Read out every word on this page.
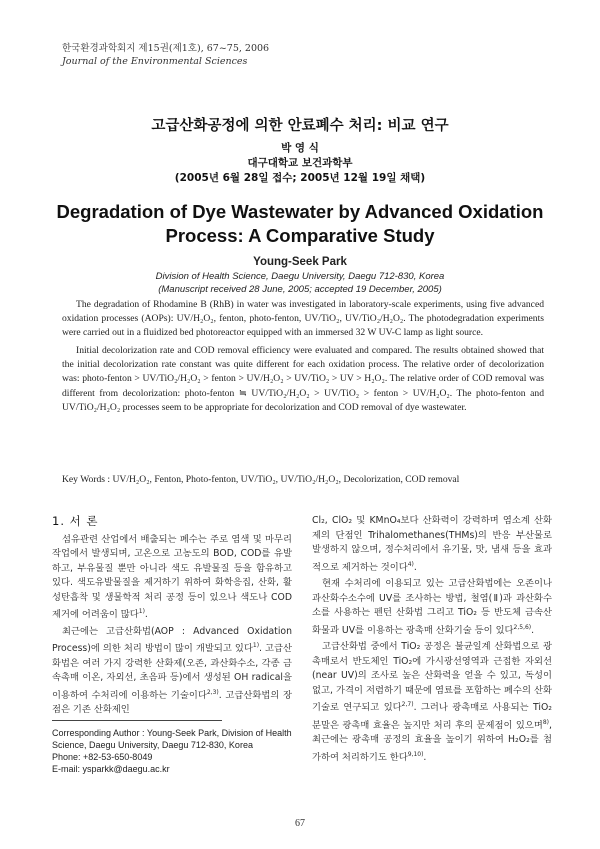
한국환경과학회지 제15권(제1호), 67~75, 2006
Journal of the Environmental Sciences
고급산화공정에 의한 안료폐수 처리: 비교 연구
박 영 식
대구대학교 보건과학부
(2005년 6월 28일 접수; 2005년 12월 19일 채택)
Degradation of Dye Wastewater by Advanced Oxidation
Process: A Comparative Study
Young-Seek Park
Division of Health Science, Daegu University, Daegu 712-830, Korea
(Manuscript received 28 June, 2005; accepted 19 December, 2005)

The degradation of Rhodamine B (RhB) in water was investigated in laboratory-scale experiments, using five advanced oxidation processes (AOPs): UV/H₂O₂, fenton, photo-fenton, UV/TiO₂, UV/TiO₂/H₂O₂. The photodegradation experiments were carried out in a fluidized bed photoreactor equipped with an immersed 32 W UV-C lamp as light source.

Initial decolorization rate and COD removal efficiency were evaluated and compared. The results obtained showed that the initial decolorization rate constant was quite different for each oxidation process. The relative order of decolorization was: photo-fenton > UV/TiO₂/H₂O₂ > fenton > UV/H₂O₂ > UV/TiO₂ > UV > H₂O₂. The relative order of COD removal was different from decolorization: photo-fenton ≒ UV/TiO₂/H₂O₂ > UV/TiO₂ > fenton > UV/H₂O₂. The photo-fenton and UV/TiO₂/H₂O₂ processes seem to be appropriate for decolorization and COD removal of dye wastewater.

Key Words : UV/H₂O₂, Fenton, Photo-fenton, UV/TiO₂, UV/TiO₂/H₂O₂, Decolorization, COD removal
1. 서 론

섬유관련 산업에서 배출되는 폐수는 주로 염색 및 마무리 작업에서 발생되며, 고온으로 고농도의 BOD, COD를 유발하고, 부유물질 뿐만 아니라 색도 유발물질 등을 함유하고 있다. 색도유발물질을 제거하기 위하여 화학응집, 산화, 활성탄흡착 및 생물학적 처리 공정 등이 있으나 색도나 COD 제거에 어려움이 많다$^{1)}$.

최근에는 고급산화법(AOP : Advanced Oxidation Process)에 의한 처리 방법이 많이 개발되고 있다$^{1)}$. 고급산화법은 여러 가지 강력한 산화제(오존, 과산화수소, 각종 금속촉매 이온, 자외선, 초음파 등)에서 생성된 OH radical을 이용하여 수처리에 이용하는 기술이다$^{2,3)}$. 고급산화법의 장점은 기존 산화제인

Cl₂, ClO₂ 및 KMnO₄보다 산화력이 강력하며 염소계 산화제의 단점인 Trihalomethanes(THMs)의 반응 부산물로 발생하지 않으며, 정수처리에서 유기물, 맛, 냄새 등을 효과적으로 제거하는 것이다$^{4)}$.

현재 수처리에 이용되고 있는 고급산화법에는 오존이나 과산화수소수에 UV를 조사하는 방법, 철염(Ⅱ)과 과산화수소를 사용하는 펜턴 산화법 그리고 TiO₂ 등 반도체 금속산화물과 UV를 이용하는 광촉매 산화기술 등이 있다$^{2,5,6)}$.

고급산화법 중에서 TiO₂ 공정은 불균일계 산화법으로 광촉매로서 반도체인 TiO₂에 가시광선영역과 근접한 자외선(near UV)의 조사로 높은 산화력을 얻을 수 있고, 독성이 없고, 가격이 저렴하기 때문에 염료를 포함하는 폐수의 산화기술로 연구되고 있다$^{2,7)}$. 그러나 광촉매로 사용되는 TiO₂ 분말은 광촉매 효율은 높지만 처리 후의 문제점이 있으며$^{8)}$, 최근에는 광촉매 공정의 효율을 높이기 위하여 H₂O₂를 첨가하여 처리하기도 한다$^{9,10)}$.

Corresponding Author : Young-Seek Park, Division of Health Science, Daegu University, Daegu 712-830, Korea
Phone: +82-53-650-8049
E-mail: ysparkk@daegu.ac.kr
67
